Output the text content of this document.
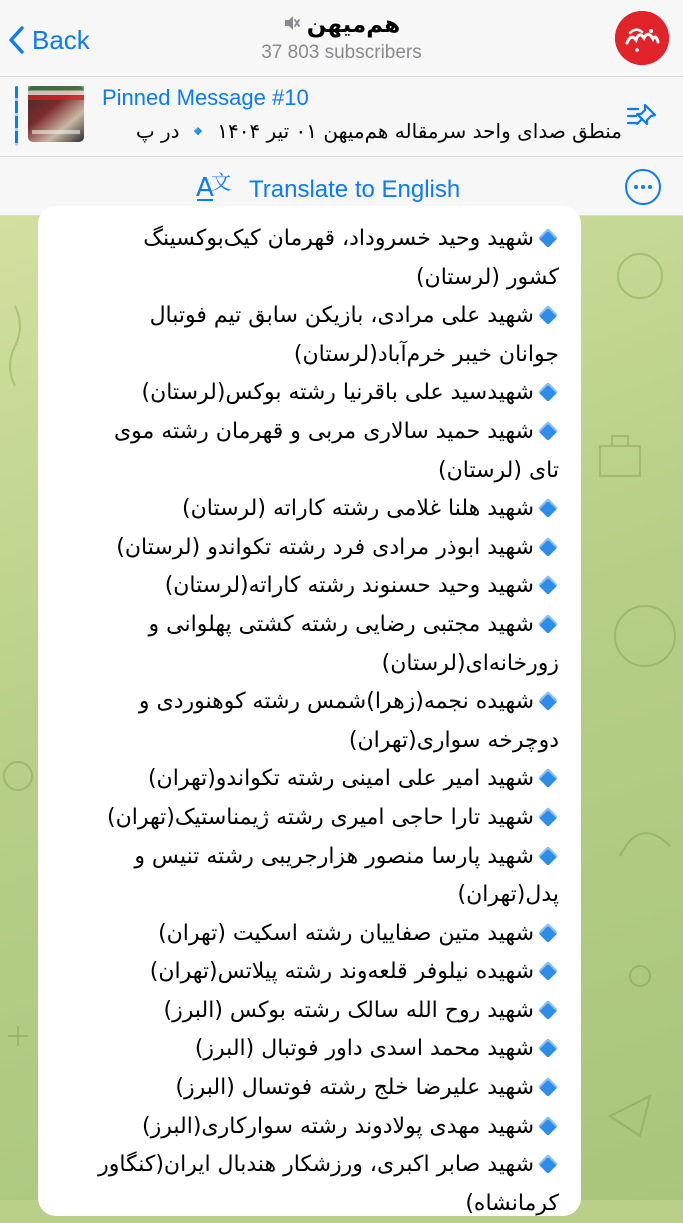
Back	هم‌میهن
37 803 subscribers
Pinned Message #10
منطق صدای واحد سرمقاله هم‌میهن ۰۱ تیر ۱۴۰۴ 🔹 در پ
A
文 Translate to English
شهید وحید خسروداد، قهرمان کیک‌بوکسینگ
کشور (لرستان)
شهید علی مرادی، بازیکن سابق تیم فوتبال
جوانان خیبر خرم‌آباد(لرستان)
شهیدسید علی باقرنیا رشته بوکس(لرستان)
شهید حمید سالاری مربی و قهرمان رشته موی
تای (لرستان)
شهید هلنا غلامی رشته کاراته (لرستان)
شهید ابوذر مرادی فرد رشته تکواندو (لرستان)
شهید وحید حسنوند رشته کاراته(لرستان)
شهید مجتبی رضایی رشته کشتی پهلوانی و
زورخانه‌ای(لرستان)
شهیده نجمه(زهرا)شمس رشته کوهنوردی و
دوچرخه سواری(تهران)
شهید امیر علی امینی رشته تکواندو(تهران)
شهید تارا حاجی امیری رشته ژیمناستیک(تهران)
شهید پارسا منصور هزارجریبی رشته تنیس و
پدل(تهران)
شهید متین صفاییان رشته اسکیت (تهران)
شهیده نیلوفر قلعه‌وند رشته پیلاتس(تهران)
شهید روح الله سالک رشته بوکس (البرز)
شهید محمد اسدی داور فوتبال (البرز)
شهید علیرضا خلج رشته فوتسال (البرز)
شهید مهدی پولادوند رشته سوارکاری(البرز)
شهید صابر اکبری، ورزشکار هندبال ایران(کنگاور
کرمانشاه)
